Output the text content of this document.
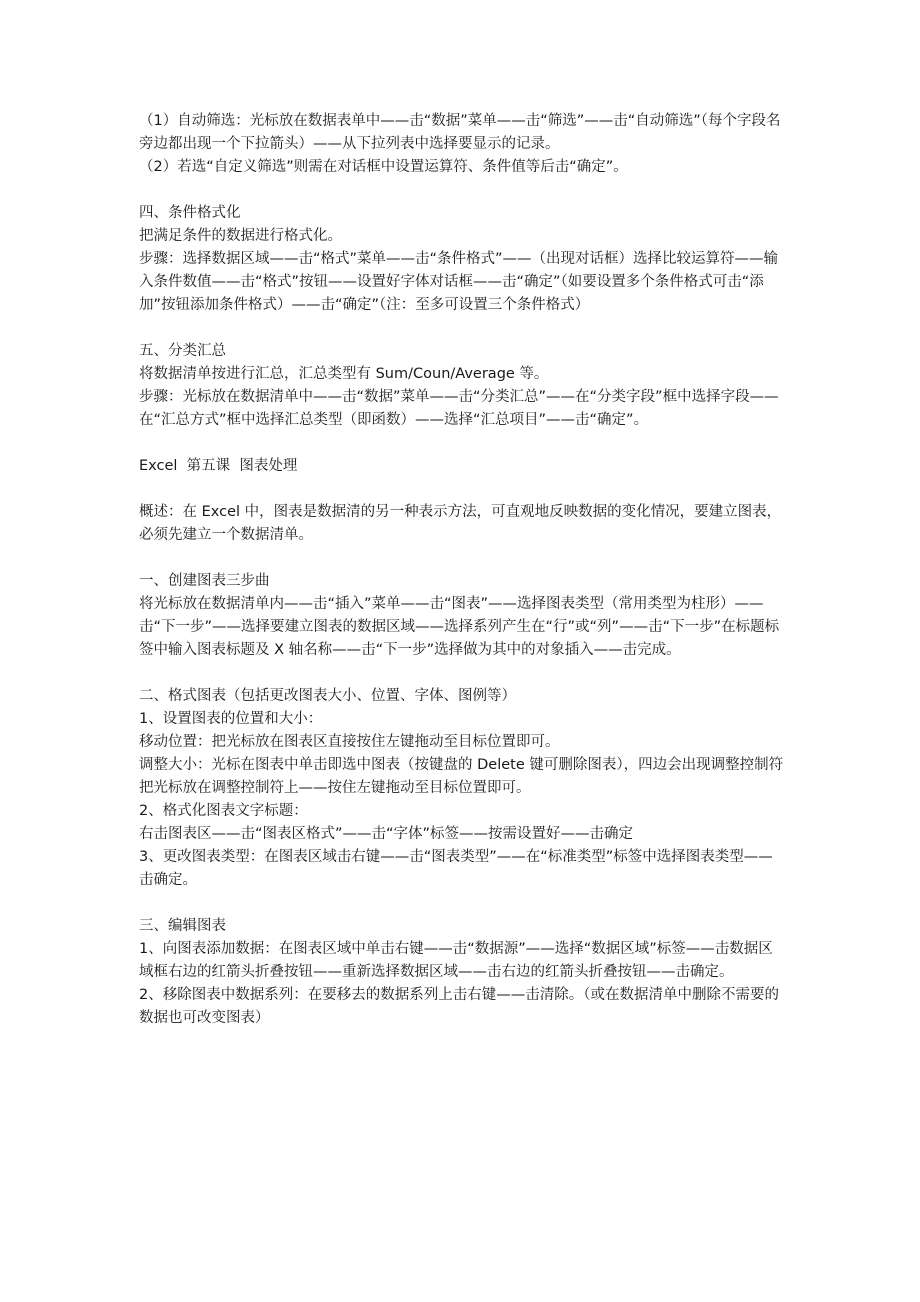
（1）自动筛选：光标放在数据表单中——击“数据”菜单——击“筛选”——击“自动筛选”（每个字段名旁边都出现一个下拉箭头）——从下拉列表中选择要显示的记录。

（2）若选“自定义筛选”则需在对话框中设置运算符、条件值等后击“确定”。

四、条件格式化

把满足条件的数据进行格式化。

步骤：选择数据区域——击“格式”菜单——击“条件格式”——（出现对话框）选择比较运算符——输入条件数值——击“格式”按钮——设置好字体对话框——击“确定”（如要设置多个条件格式可击“添加”按钮添加条件格式）——击“确定”（注：至多可设置三个条件格式）

五、分类汇总

将数据清单按进行汇总，汇总类型有 Sum/Coun/Average 等。

步骤：光标放在数据清单中——击“数据”菜单——击“分类汇总”——在“分类字段”框中选择字段——在“汇总方式”框中选择汇总类型（即函数）——选择“汇总项目”——击“确定”。

Excel  第五课  图表处理

概述：在 Excel 中，图表是数据清的另一种表示方法，可直观地反映数据的变化情况，要建立图表，必须先建立一个数据清单。

一、创建图表三步曲

将光标放在数据清单内——击“插入”菜单——击“图表”——选择图表类型（常用类型为柱形）——击“下一步”——选择要建立图表的数据区域——选择系列产生在“行”或“列”——击“下一步”在标题标签中输入图表标题及 X 轴名称——击“下一步”选择做为其中的对象插入——击完成。

二、格式图表（包括更改图表大小、位置、字体、图例等）

1、设置图表的位置和大小：

移动位置：把光标放在图表区直接按住左键拖动至目标位置即可。

调整大小：光标在图表中单击即选中图表（按键盘的 Delete 键可删除图表），四边会出现调整控制符把光标放在调整控制符上——按住左键拖动至目标位置即可。

2、格式化图表文字标题：

右击图表区——击“图表区格式”——击“字体”标签——按需设置好——击确定

3、更改图表类型：在图表区域击右键——击“图表类型”——在“标准类型”标签中选择图表类型——击确定。

三、编辑图表

1、向图表添加数据：在图表区域中单击右键——击“数据源”——选择“数据区域”标签——击数据区域框右边的红箭头折叠按钮——重新选择数据区域——击右边的红箭头折叠按钮——击确定。

2、移除图表中数据系列：在要移去的数据系列上击右键——击清除。（或在数据清单中删除不需要的数据也可改变图表）
